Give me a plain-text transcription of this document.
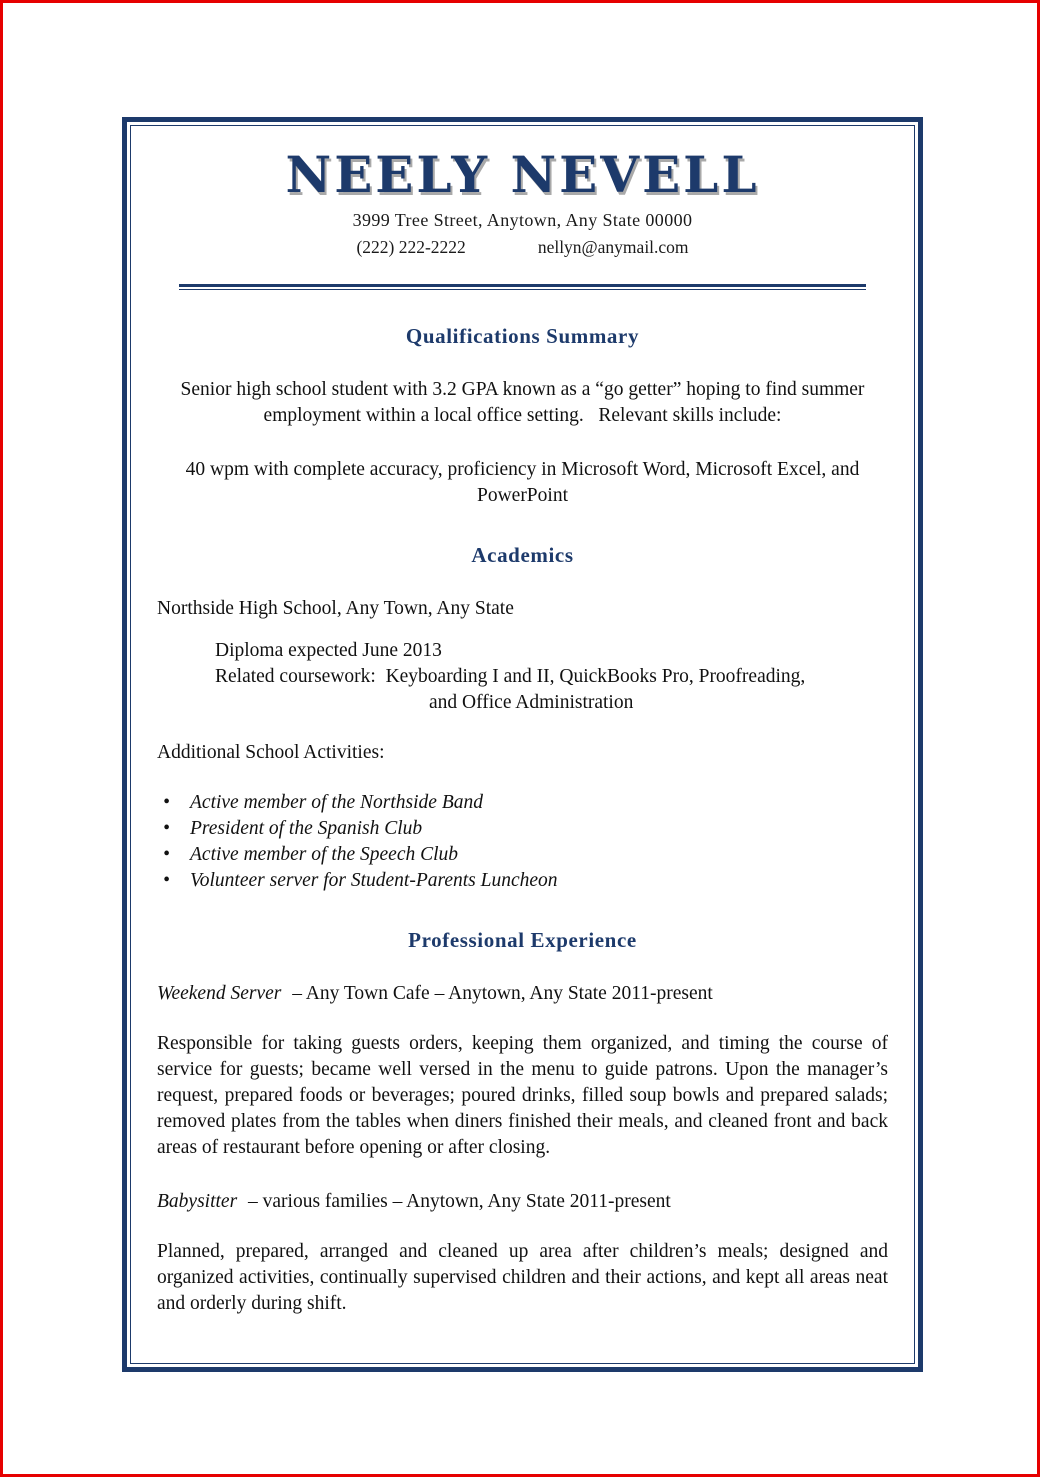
NEELY NEVELL
3999 Tree Street, Anytown, Any State 00000
(222) 222-2222	nellyn@anymail.com
Qualifications Summary

Senior high school student with 3.2 GPA known as a “go getter” hoping to find summer employment within a local office setting.   Relevant skills include:

40 wpm with complete accuracy, proficiency in Microsoft Word, Microsoft Excel, and PowerPoint

Academics

Northside High School, Any Town, Any State

Diploma expected June 2013

Related coursework:  Keyboarding I and II, QuickBooks Pro, Proofreading,

and Office Administration

Additional School Activities:

• Active member of the Northside Band
• President of the Spanish Club
• Active member of the Speech Club
• Volunteer server for Student-Parents Luncheon
Professional Experience

Weekend Server – Any Town Cafe – Anytown, Any State 2011-present

Responsible for taking guests orders, keeping them organized, and timing the course of service for guests; became well versed in the menu to guide patrons. Upon the manager’s request, prepared foods or beverages; poured drinks, filled soup bowls and prepared salads; removed plates from the tables when diners finished their meals, and cleaned front and back areas of restaurant before opening or after closing.

Babysitter – various families – Anytown, Any State 2011-present

Planned, prepared, arranged and cleaned up area after children’s meals; designed and organized activities, continually supervised children and their actions, and kept all areas neat and orderly during shift.
